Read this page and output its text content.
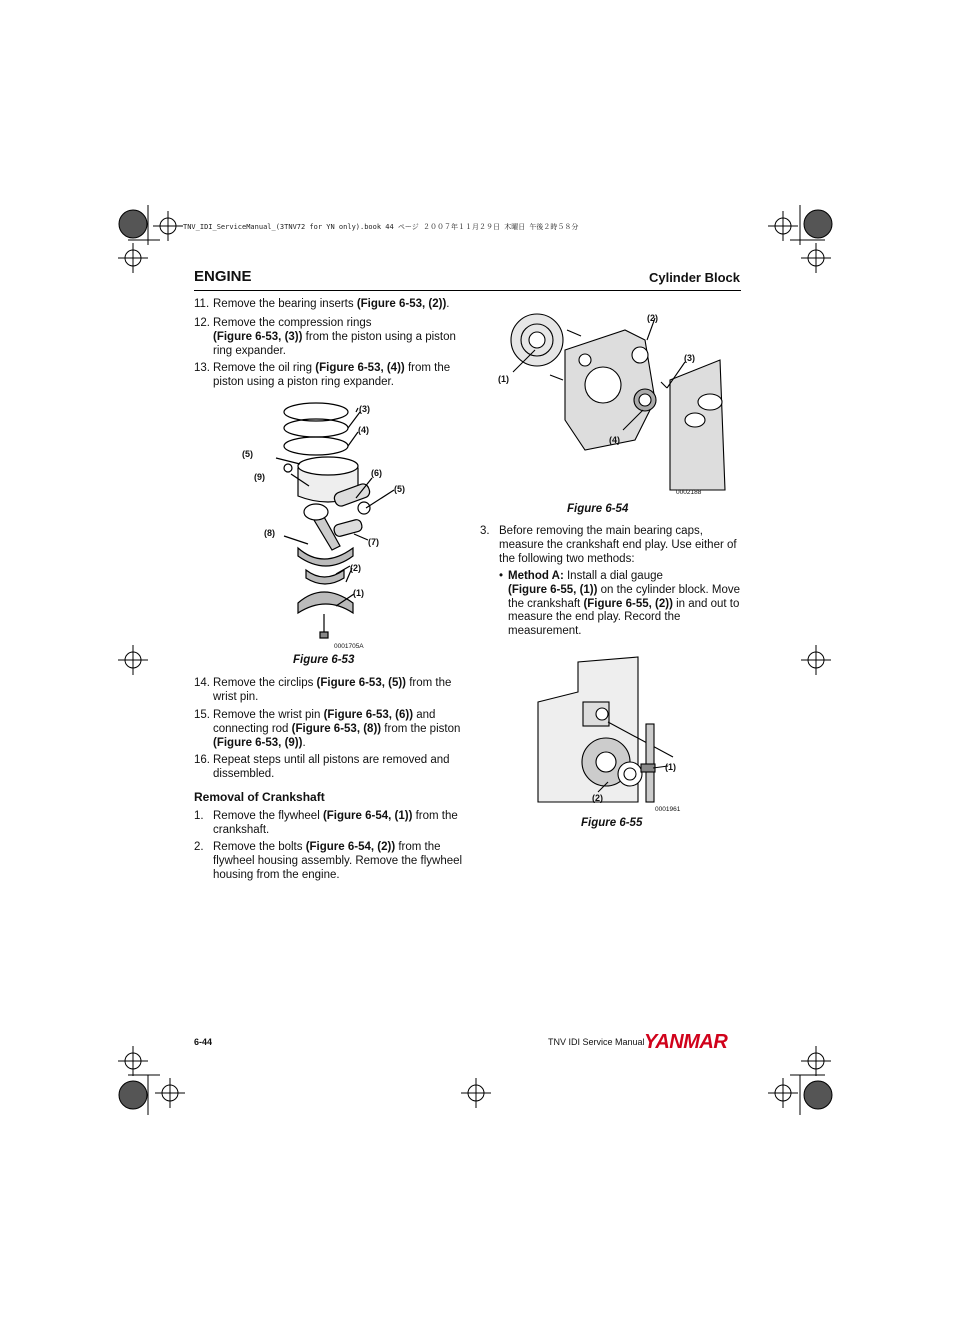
TNV_IDI_ServiceManual_(3TNV72 for YN only).book 44 ページ ２００７年１１月２９日 木曜日 午後２時５８分
ENGINE	Cylinder Block
11. Remove the bearing inserts (Figure 6-53, (2)).
12. Remove the compression rings
(Figure 6-53, (3)) from the piston using a piston ring expander.
13. Remove the oil ring (Figure 6-53, (4)) from the piston using a piston ring expander.
(3)
(4)
(5)
(9)	(6)
(5)
(8)
(7)
(2)
(1)
0001705A
Figure 6-53
14. Remove the circlips (Figure 6-53, (5)) from the wrist pin.
15. Remove the wrist pin (Figure 6-53, (6)) and connecting rod (Figure 6-53, (8)) from the piston (Figure 6-53, (9)).
16. Repeat steps until all pistons are removed and dissembled.
Removal of Crankshaft
1. Remove the flywheel (Figure 6-54, (1)) from the crankshaft.
2. Remove the bolts (Figure 6-54, (2)) from the flywheel housing assembly. Remove the flywheel housing from the engine.
(2)
(3)
(1)
(4)
0002188
Figure 6-54
3. Before removing the main bearing caps, measure the crankshaft end play. Use either of the following two methods:
• Method A: Install a dial gauge
(Figure 6-55, (1)) on the cylinder block. Move the crankshaft (Figure 6-55, (2)) in and out to measure the end play. Record the measurement.
(1)
(2)
0001961
Figure 6-55
6-44	TNV IDI Service Manual YANMAR
